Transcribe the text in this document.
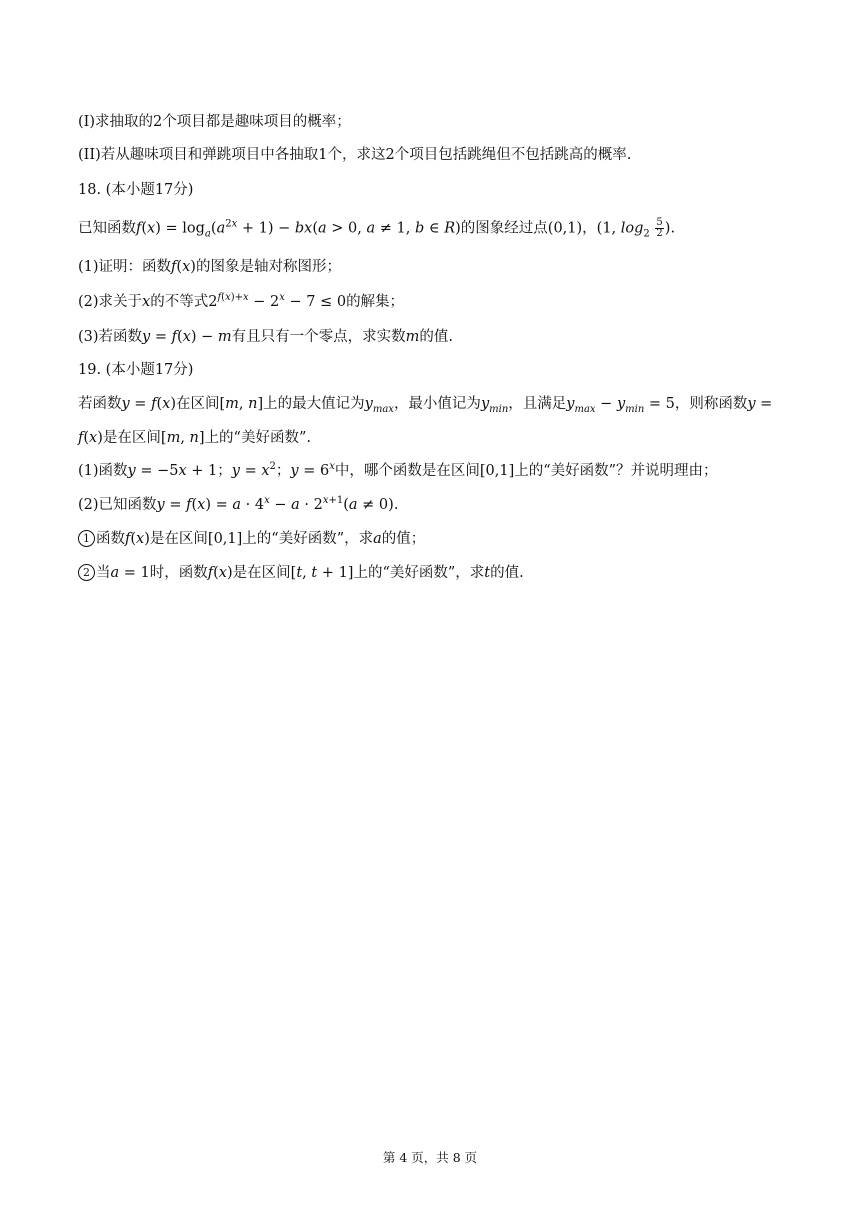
(I)求抽取的2个项目都是趣味项目的概率；
(II)若从趣味项目和弹跳项目中各抽取1个，求这2个项目包括跳绳但不包括跳高的概率.
18. (本小题17分)
已知函数$f(x) = \log_a(a^{2x} + 1) - bx(a > 0$, a ≠ 1, b ∈ R)的图象经过点(0,1)，(1, $\log_2 \frac{5}{2}$ ).
(1)证明：函数f(x)的图象是轴对称图形；
(2)求关于x的不等式$2^{f(x)+x} - 2^x - 7 \le 0$的解集；
(3)若函数y = f(x) − m有且只有一个零点，求实数m的值.
19. (本小题17分)
若函数y = f(x)在区间[m, n]上的最大值记为$y_{max}$，最小值记为$y_{min}$，且满足$y_{max} - y_{min} = 5$，则称函数y =
f(x)是在区间[m, n]上的“美好函数”.
(1)函数y = −5x + 1；$y = x^2$；$y = 6^x$中，哪个函数是在区间[0,1]上的“美好函数”？并说明理由；
(2)已知函数$y = f(x) = a \cdot 4^x - a \cdot 2^{x+1}(a \ne 0)$.
1 函数f(x)是在区间[0,1]上的“美好函数”，求a的值；
2 当a = 1时，函数f(x)是在区间[t, t + 1]上的“美好函数”，求t的值.
第 4 页，共 8 页
